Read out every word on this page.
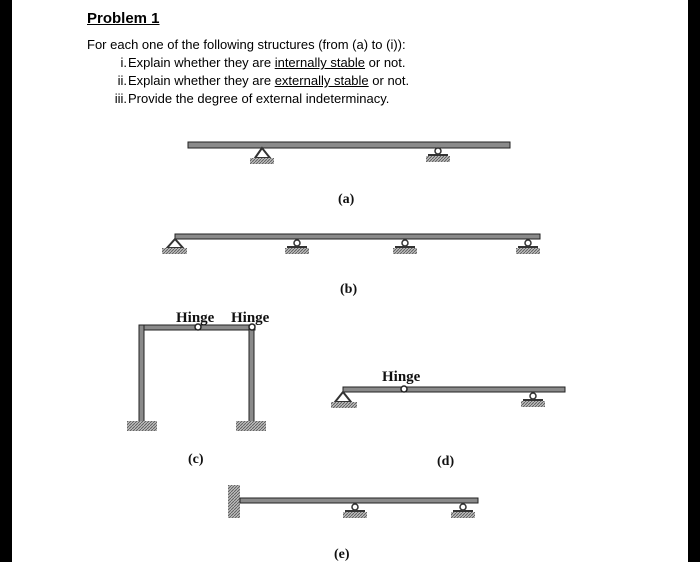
Problem 1
For each one of the following structures (from (a) to (i)):
i. Explain whether they are internally stable or not.
ii. Explain whether they are externally stable or not.
iii. Provide the degree of external indeterminacy.
(a)
(b)
Hinge Hinge
(c)
Hinge
(d)
(e)
